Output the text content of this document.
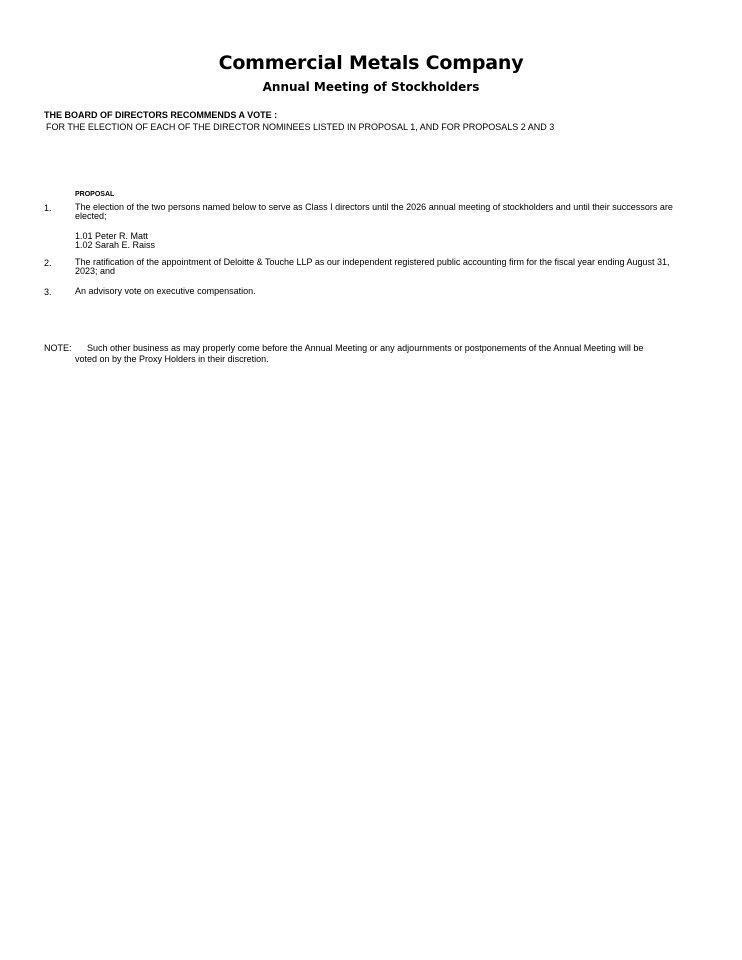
Commercial Metals Company
Annual Meeting of Stockholders
THE BOARD OF DIRECTORS RECOMMENDS A VOTE :
FOR THE ELECTION OF EACH OF THE DIRECTOR NOMINEES LISTED IN PROPOSAL 1, AND FOR PROPOSALS 2 AND 3
PROPOSAL
1.	The election of the two persons named below to serve as Class I directors until the 2026 annual meeting of stockholders and until their successors are elected;
1.01 Peter R. Matt
1.02 Sarah E. Raiss
2.	The ratification of the appointment of Deloitte & Touche LLP as our independent registered public accounting firm for the fiscal year ending August 31, 2023; and
3.	An advisory vote on executive compensation.
NOTE: Such other business as may properly come before the Annual Meeting or any adjournments or postponements of the Annual Meeting will be
voted on by the Proxy Holders in their discretion.
